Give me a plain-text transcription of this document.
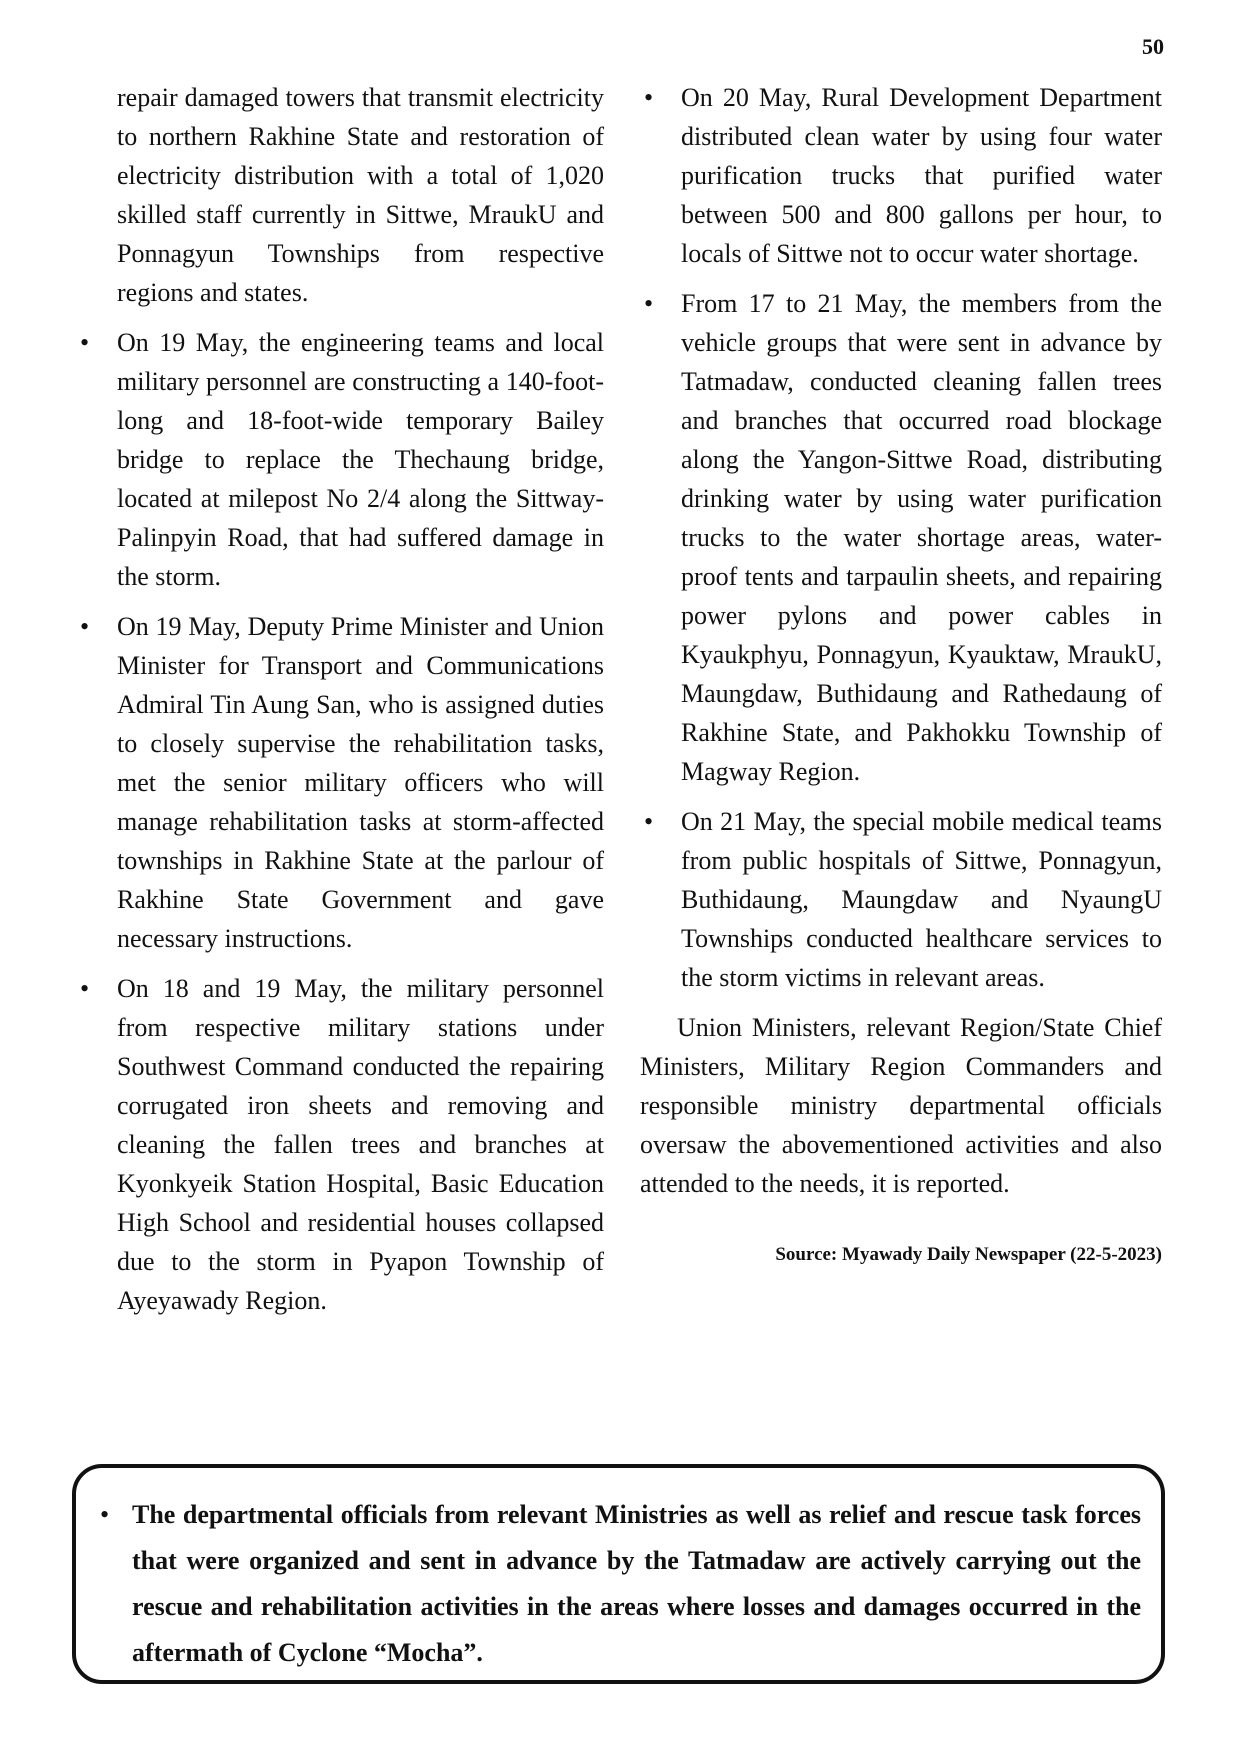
50
repair damaged towers that transmit electricity to northern Rakhine State and restoration of electricity distribution with a total of 1,020 skilled staff currently in Sittwe, MraukU and Ponnagyun Townships from respective regions and states.
• On 19 May, the engineering teams and local military personnel are constructing a 140-foot-long and 18-foot-wide temporary Bailey bridge to replace the Thechaung bridge, located at milepost No 2/4 along the Sittway-Palinpyin Road, that had suffered damage in the storm.
• On 19 May, Deputy Prime Minister and Union Minister for Transport and Communications Admiral Tin Aung San, who is assigned duties to closely supervise the rehabilitation tasks, met the senior military officers who will manage rehabilitation tasks at storm-affected townships in Rakhine State at the parlour of Rakhine State Government and gave necessary instructions.
• On 18 and 19 May, the military personnel from respective military stations under Southwest Command conducted the repairing corrugated iron sheets and removing and cleaning the fallen trees and branches at Kyonkyeik Station Hospital, Basic Education High School and residential houses collapsed due to the storm in Pyapon Township of Ayeyawady Region.
• On 20 May, Rural Development Department distributed clean water by using four water purification trucks that purified water between 500 and 800 gallons per hour, to locals of Sittwe not to occur water shortage.
• From 17 to 21 May, the members from the vehicle groups that were sent in advance by Tatmadaw, conducted cleaning fallen trees and branches that occurred road blockage along the Yangon-Sittwe Road, distributing drinking water by using water purification trucks to the water shortage areas, water-proof tents and tarpaulin sheets, and repairing power pylons and power cables in Kyaukphyu, Ponnagyun, Kyauktaw, MraukU, Maungdaw, Buthidaung and Rathedaung of Rakhine State, and Pakhokku Township of Magway Region.
• On 21 May, the special mobile medical teams from public hospitals of Sittwe, Ponnagyun, Buthidaung, Maungdaw and NyaungU Townships conducted healthcare services to the storm victims in relevant areas.

Union Ministers, relevant Region/State Chief Ministers, Military Region Commanders and responsible ministry departmental officials oversaw the abovementioned activities and also attended to the needs, it is reported.

Source: Myawady Daily Newspaper (22-5-2023)

• The departmental officials from relevant Ministries as well as relief and rescue task forces that were organized and sent in advance by the Tatmadaw are actively carrying out the rescue and rehabilitation activities in the areas where losses and damages occurred in the aftermath of Cyclone “Mocha”.
